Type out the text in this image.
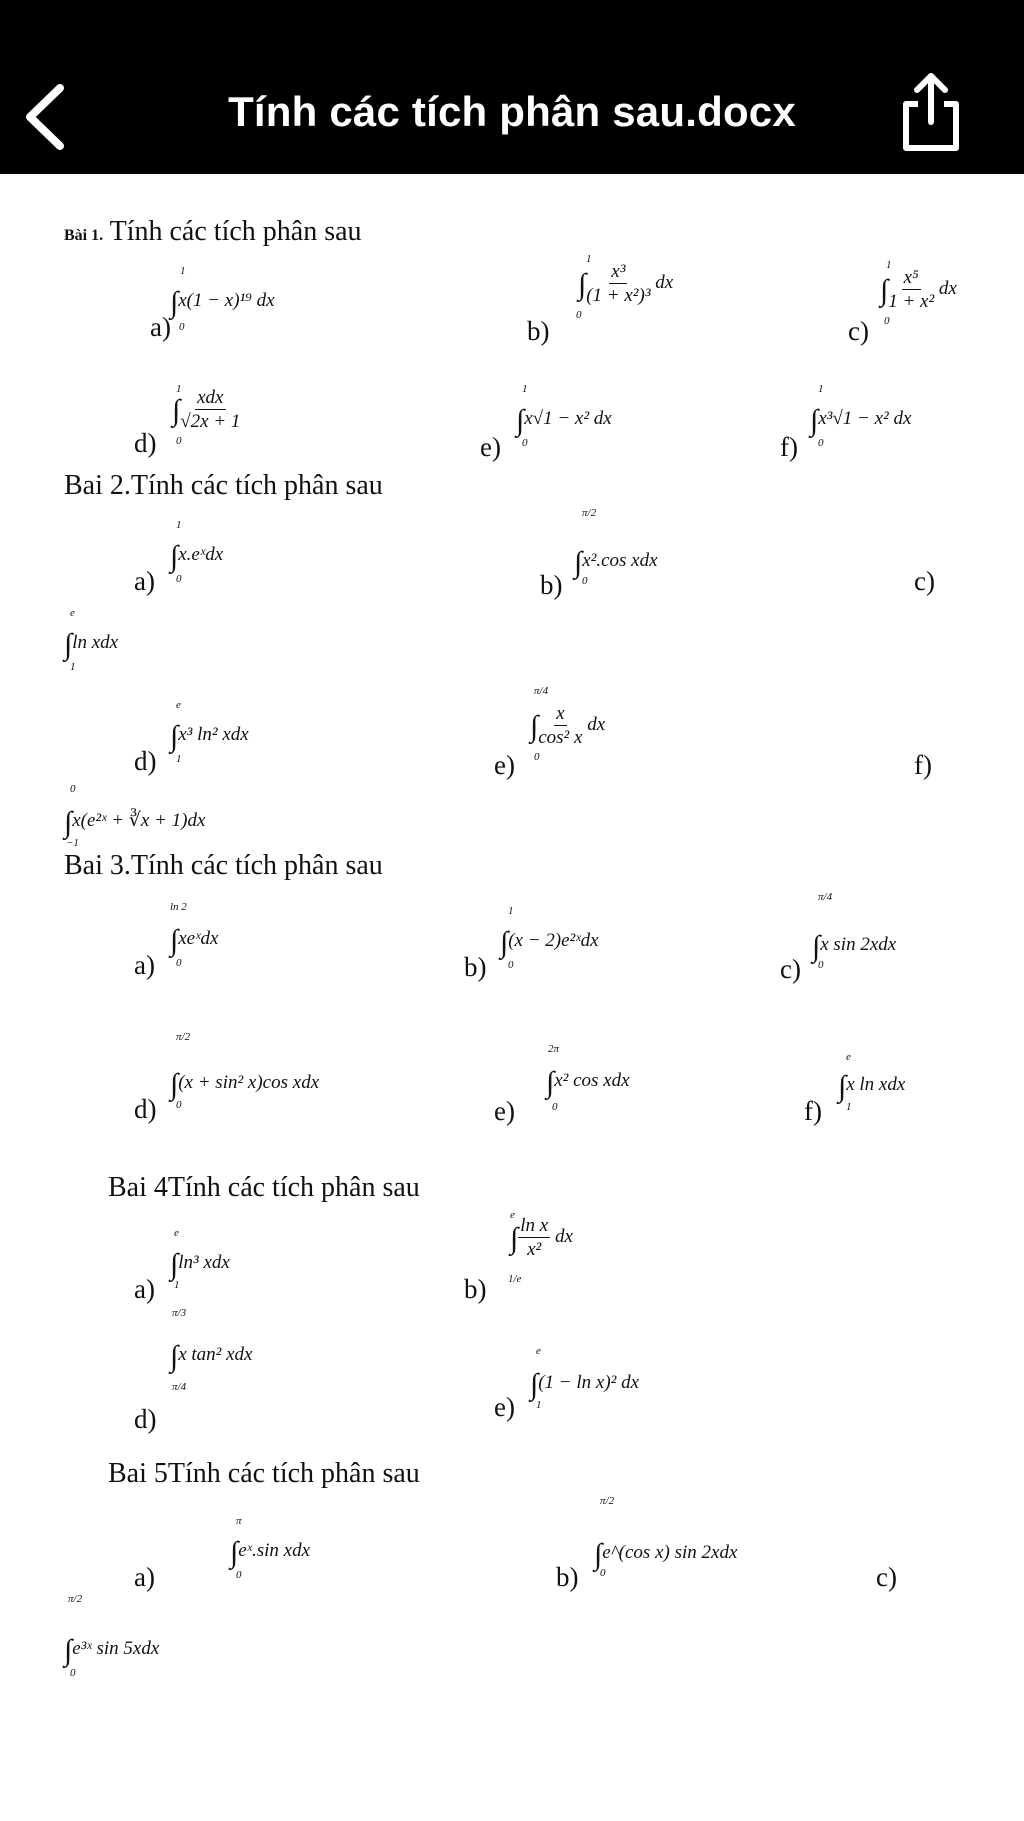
Tính các tích phân sau.docx
Bài 1. Tính các tích phân sau
a)
1
0
∫x(1 − x)¹⁹ dx
b)
1
0
∫ $\frac{\text{x³}}{\text{(1 + x²)³}}$ dx
c)
1
0
∫ $\frac{\text{x⁵}}{\text{1 + x²}}$ dx
d)
1
0
∫ $\frac{\text{xdx}}{√2x + 1}$
e)
1
0
∫x√1 − x² dx
f)
1
0
∫x³√1 − x² dx
Bai 2.Tính các tích phân sau
a)
1
0
∫x.eˣdx
b)
π/2
0
∫x².cos xdx
c)
e
1
∫ln xdx
d)
e
1
∫x³ ln² xdx
e)
π/4
0
∫ $\frac{x}{\text{cos² x}}$ dx
f)
0
−1
∫x(e²ˣ + ∛x + 1)dx
Bai 3.Tính các tích phân sau
a)
ln 2
0
∫xeˣdx
b)
1
0
∫(x − 2)e²ˣdx
c)
π/4
0
∫x sin 2xdx
d)
π/2
0
∫(x + sin² x)cos xdx
e)
2π
0
∫x² cos xdx
f)
e
1
∫x ln xdx
Bai 4Tính các tích phân sau
a)
e
1
∫ln³ xdx
b)
e
1/e
∫ $\frac{\text{ln x}}{\text{x²}}$ dx
d)
π/3
π/4
∫x tan² xdx
e)
e
1
∫(1 − ln x)² dx
Bai 5Tính các tích phân sau
a)
π
0
∫eˣ.sin xdx
b)
π/2
0
∫e^(cos x) sin 2xdx
c)
π/2
0
∫e³ˣ sin 5xdx
